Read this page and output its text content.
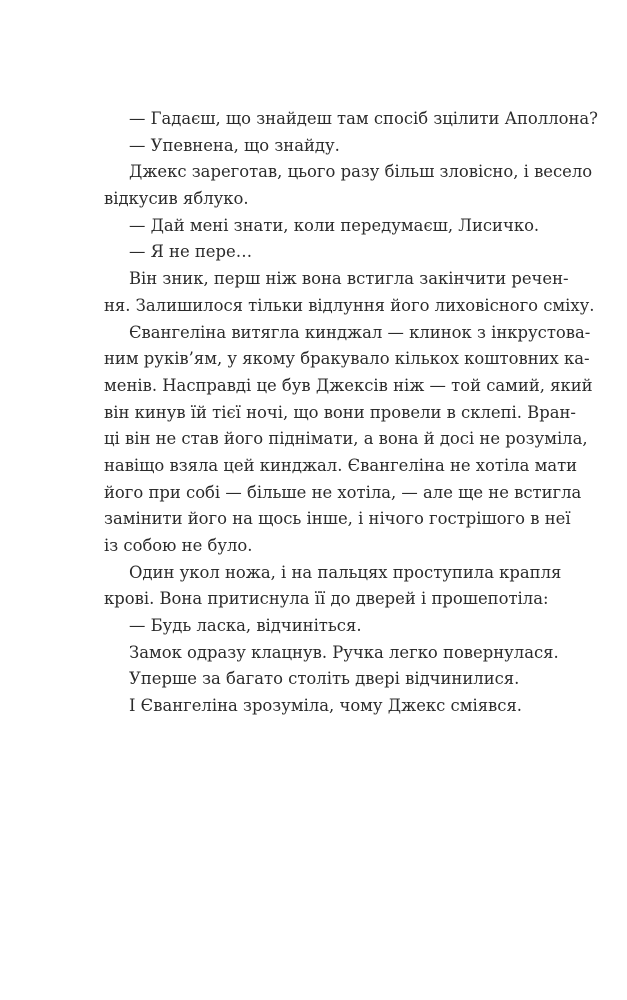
— Гадаєш, що знайдеш там спосіб зцілити Аполлона?
— Упевнена, що знайду.
Джекс зареготав, цього разу більш зловісно, і весело
відкусив яблуко.
— Дай мені знати, коли передумаєш, Лисичко.
— Я не пере…
Він зник, перш ніж вона встигла закінчити речен-
ня. Залишилося тільки відлуння його лиховісного сміху.
Євангеліна витягла кинджал — клинок з інкрустова-
ним руків’ям, у якому бракувало кількох коштовних ка-
менів. Насправді це був Джексів ніж — той самий, який
він кинув їй тієї ночі, що вони провели в склепі. Вран-
ці він не став його піднімати, а вона й досі не розуміла,
навіщо взяла цей кинджал. Євангеліна не хотіла мати
його при собі — більше не хотіла, — але ще не встигла
замінити його на щось інше, і нічого гострішого в неї
із собою не було.
Один укол ножа, і на пальцях проступила крапля
крові. Вона притиснула її до дверей і прошепотіла:
— Будь ласка, відчиніться.
Замок одразу клацнув. Ручка легко повернулася.
Уперше за багато століть двері відчинилися.
І Євангеліна зрозуміла, чому Джекс сміявся.
